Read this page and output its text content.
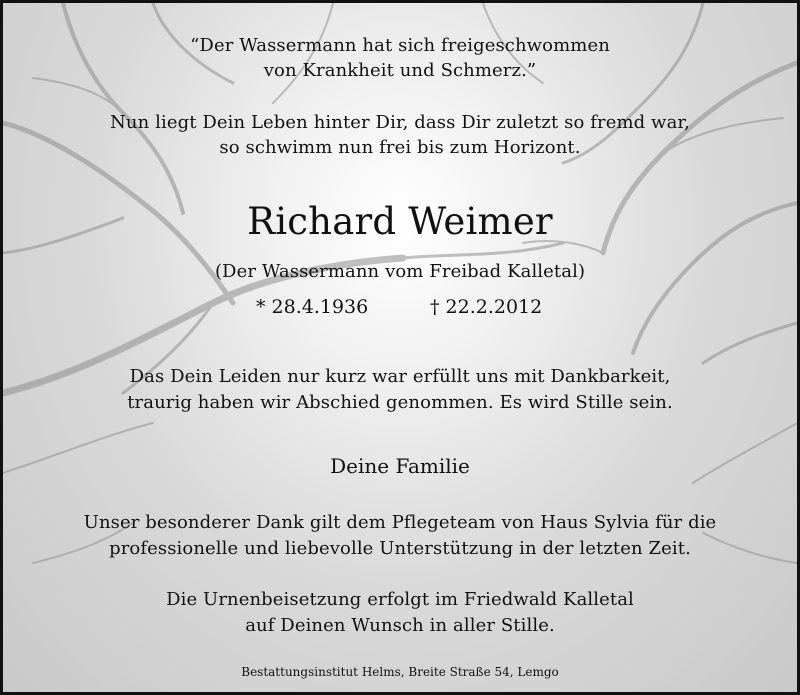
“Der Wassermann hat sich freigeschwommen
von Krankheit und Schmerz.”
Nun liegt Dein Leben hinter Dir, dass Dir zuletzt so fremd war,
so schwimm nun frei bis zum Horizont.
Richard Weimer
(Der Wassermann vom Freibad Kalletal)
* 28.4.1936	† 22.2.2012
Das Dein Leiden nur kurz war erfüllt uns mit Dankbarkeit,
traurig haben wir Abschied genommen. Es wird Stille sein.
Deine Familie
Unser besonderer Dank gilt dem Pflegeteam von Haus Sylvia für die
professionelle und liebevolle Unterstützung in der letzten Zeit.
Die Urnenbeisetzung erfolgt im Friedwald Kalletal
auf Deinen Wunsch in aller Stille.
Bestattungsinstitut Helms, Breite Straße 54, Lemgo
